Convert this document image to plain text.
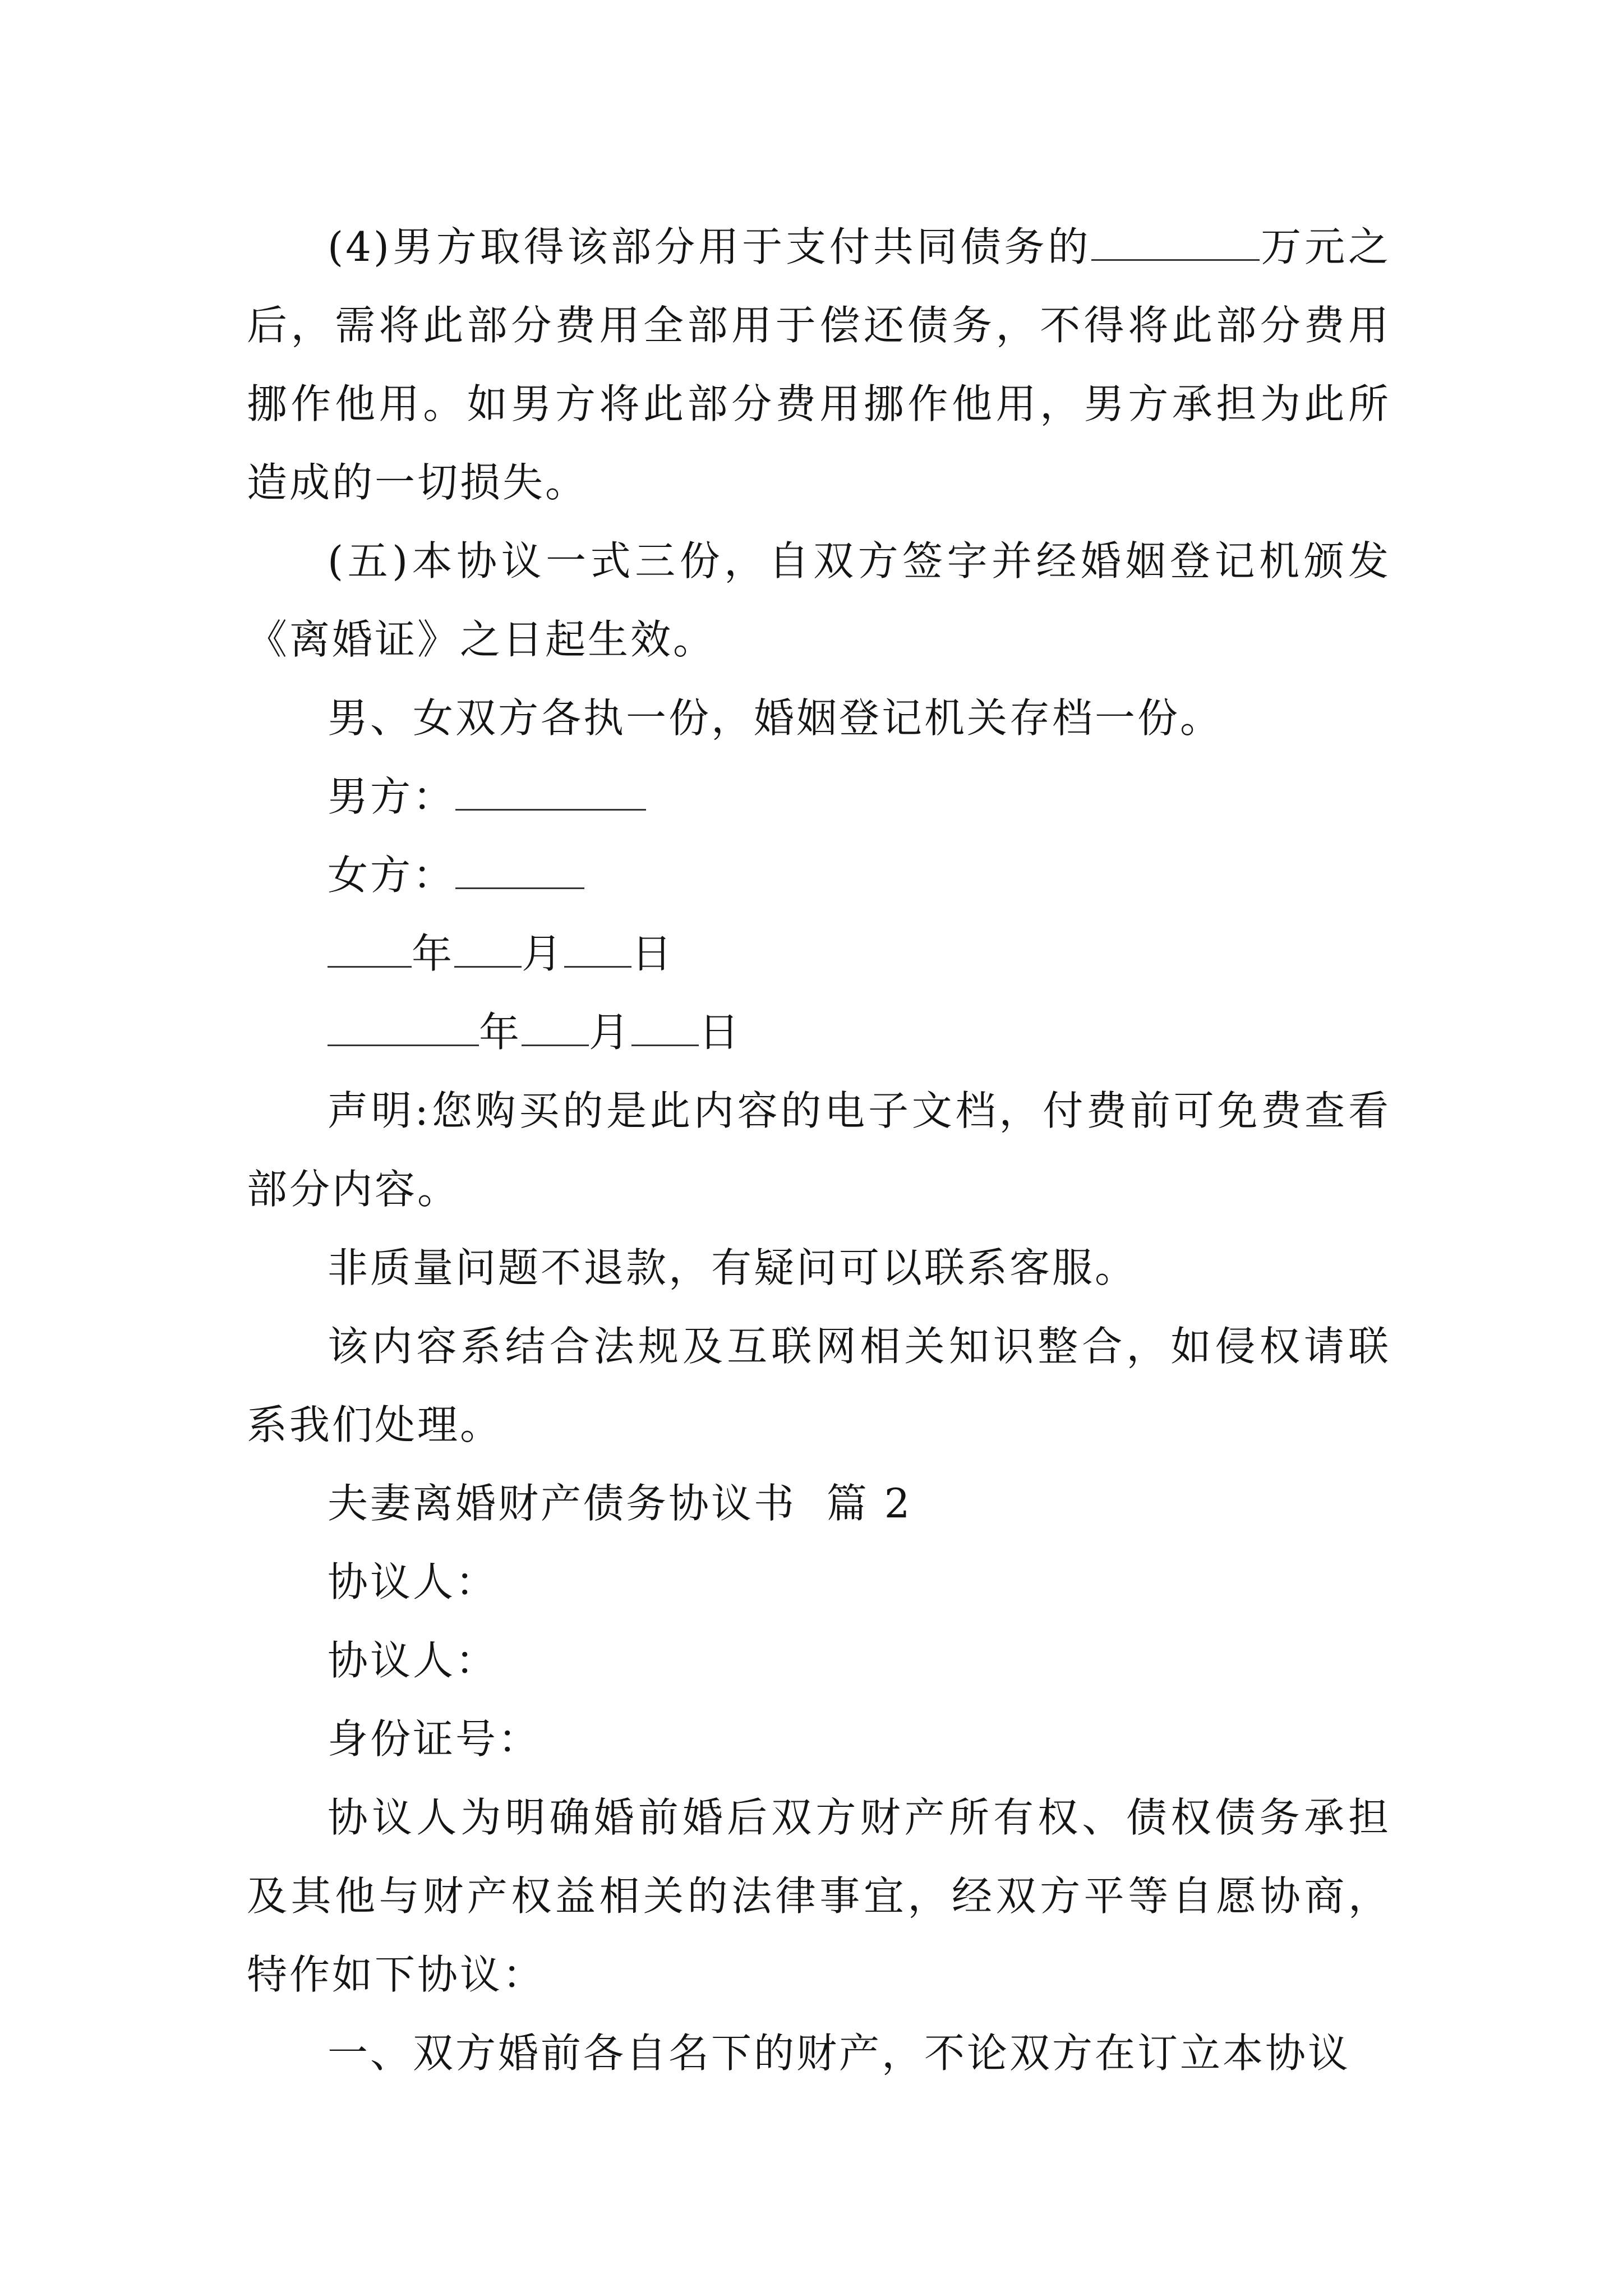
(4)男方取得该部分用于支付共同债务的	万元之后，需将此部分费用全部用于偿还债务，不得将此部分费用挪作他用。如男方将此部分费用挪作他用，男方承担为此所造成的一切损失。

(五)本协议一式三份，自双方签字并经婚姻登记机颁发《离婚证》之日起生效。

男、女双方各执一份，婚姻登记机关存档一份。

男方：

女方：

年 月 日

年 月 日

声明:您购买的是此内容的电子文档，付费前可免费查看部分内容。

非质量问题不退款，有疑问可以联系客服。

该内容系结合法规及互联网相关知识整合，如侵权请联系我们处理。

夫妻离婚财产债务协议书  篇 2

协议人：

协议人：

身份证号：

协议人为明确婚前婚后双方财产所有权、债权债务承担及其他与财产权益相关的法律事宜，经双方平等自愿协商，特作如下协议：

一、双方婚前各自名下的财产，不论双方在订立本协议
